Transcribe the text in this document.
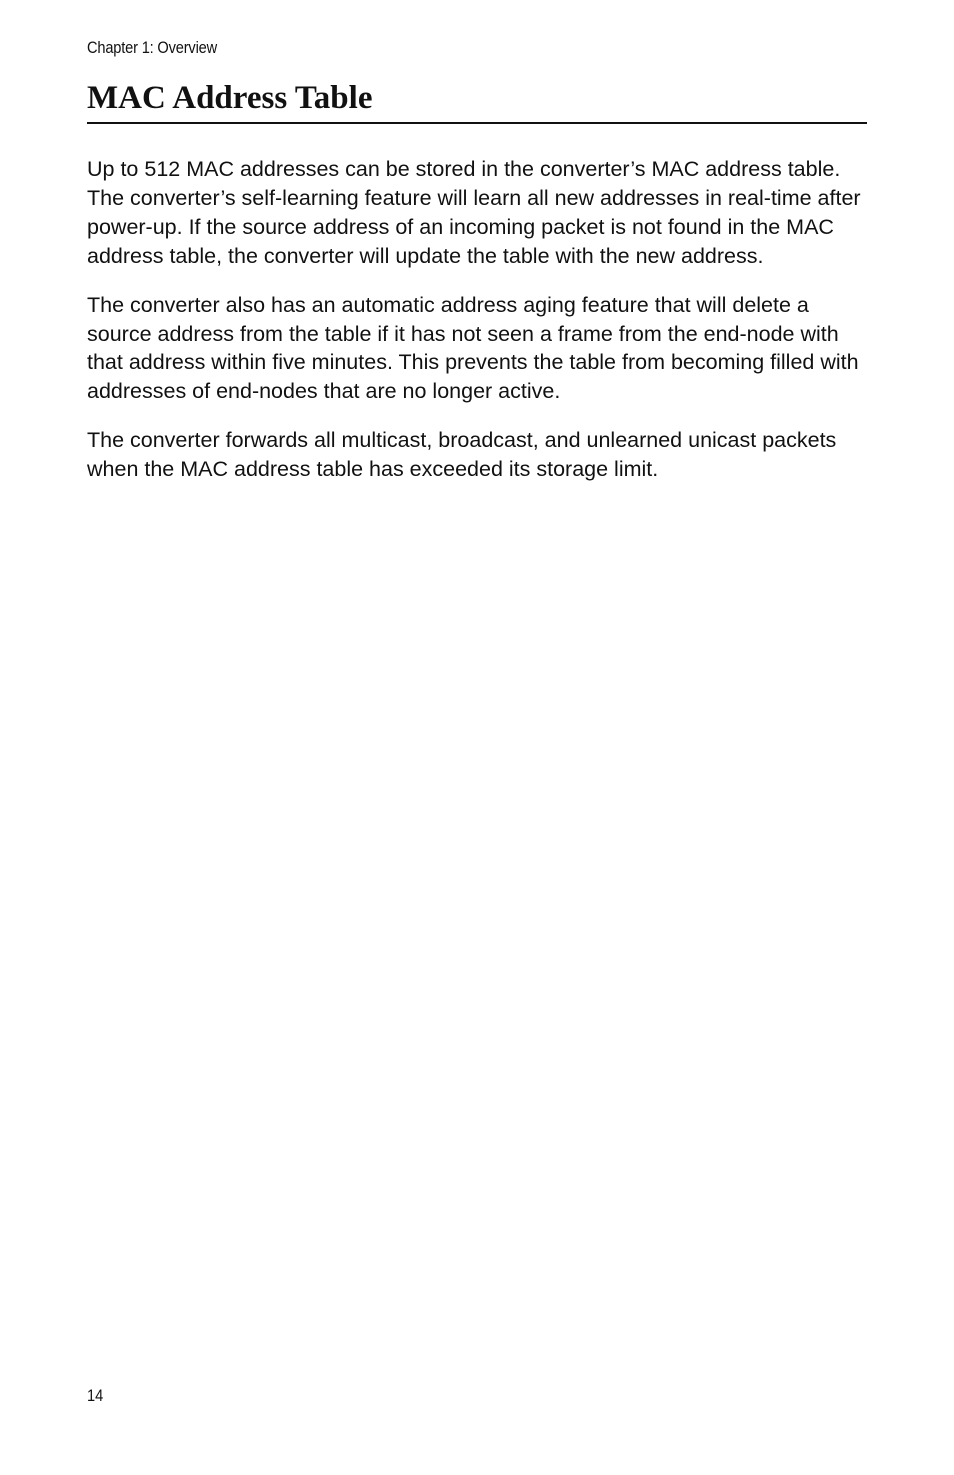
Chapter 1: Overview
MAC Address Table

Up to 512 MAC addresses can be stored in the converter’s MAC address table. The converter’s self-learning feature will learn all new addresses in real-time after power-up. If the source address of an incoming packet is not found in the MAC address table, the converter will update the table with the new address.

The converter also has an automatic address aging feature that will delete a source address from the table if it has not seen a frame from the end-node with that address within five minutes. This prevents the table from becoming filled with addresses of end-nodes that are no longer active.

The converter forwards all multicast, broadcast, and unlearned unicast packets when the MAC address table has exceeded its storage limit.

14
